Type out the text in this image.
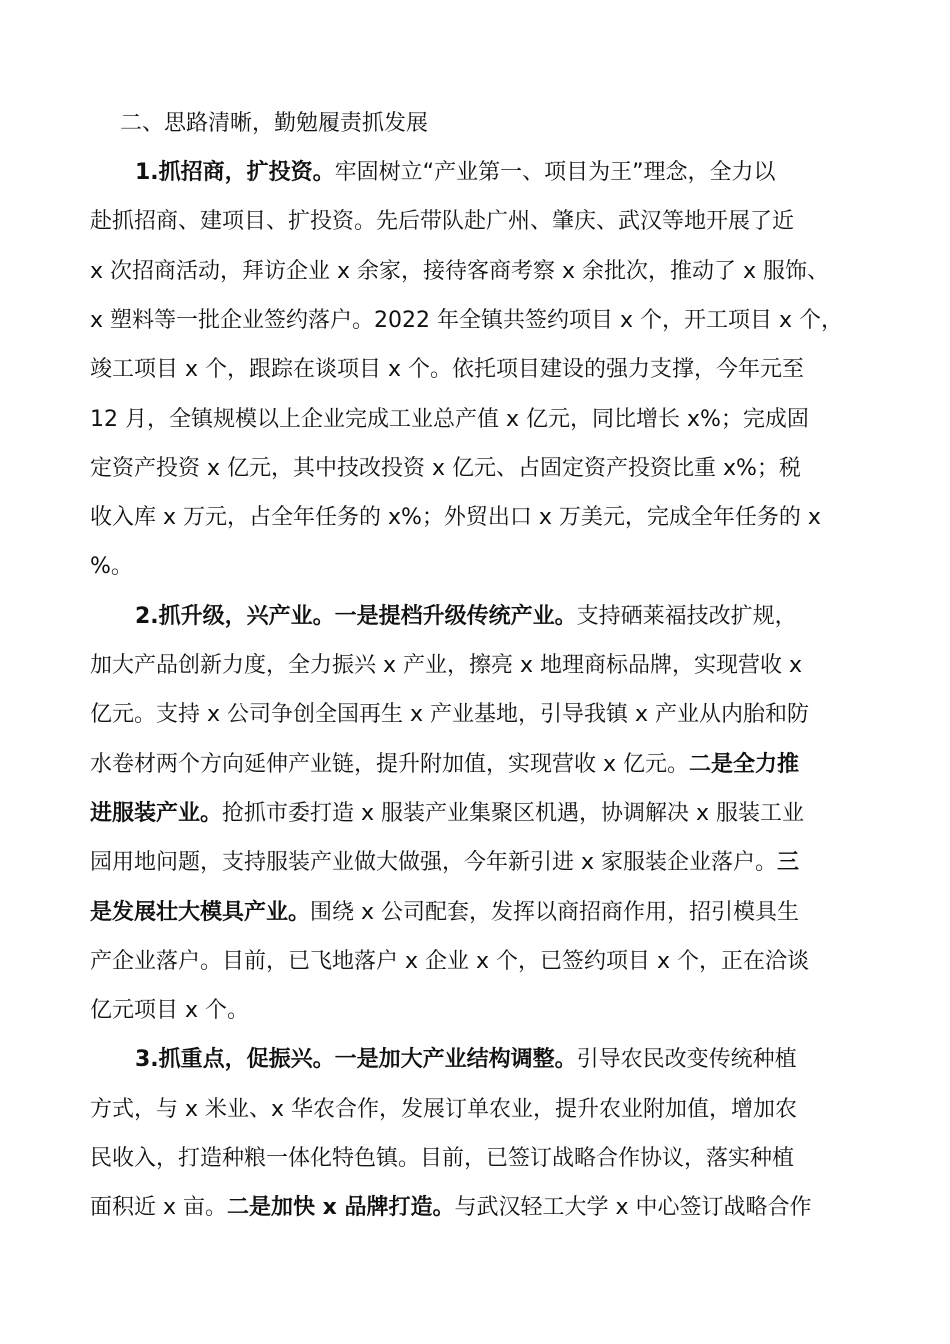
二、思路清晰，勤勉履责抓发展
1.抓招商，扩投资。牢固树立“产业第一、项目为王”理念，全力以
赴抓招商、建项目、扩投资。先后带队赴广州、肇庆、武汉等地开展了近
x 次招商活动，拜访企业 x 余家，接待客商考察 x 余批次，推动了 x 服饰、
x 塑料等一批企业签约落户。2022 年全镇共签约项目 x 个，开工项目 x 个，
竣工项目 x 个，跟踪在谈项目 x 个。依托项目建设的强力支撑，今年元至
12 月，全镇规模以上企业完成工业总产值 x 亿元，同比增长 x%；完成固
定资产投资 x 亿元，其中技改投资 x 亿元、占固定资产投资比重 x%；税
收入库 x 万元，占全年任务的 x%；外贸出口 x 万美元，完成全年任务的 x
%。
2.抓升级，兴产业。一是提档升级传统产业。支持硒莱福技改扩规，
加大产品创新力度，全力振兴 x 产业，擦亮 x 地理商标品牌，实现营收 x
亿元。支持 x 公司争创全国再生 x 产业基地，引导我镇 x 产业从内胎和防
水卷材两个方向延伸产业链，提升附加值，实现营收 x 亿元。二是全力推
进服装产业。抢抓市委打造 x 服装产业集聚区机遇，协调解决 x 服装工业
园用地问题，支持服装产业做大做强，今年新引进 x 家服装企业落户。三
是发展壮大模具产业。围绕 x 公司配套，发挥以商招商作用，招引模具生
产企业落户。目前，已飞地落户 x 企业 x 个，已签约项目 x 个，正在洽谈
亿元项目 x 个。
3.抓重点，促振兴。一是加大产业结构调整。引导农民改变传统种植
方式，与 x 米业、x 华农合作，发展订单农业，提升农业附加值，增加农
民收入，打造种粮一体化特色镇。目前，已签订战略合作协议，落实种植
面积近 x 亩。二是加快 x 品牌打造。与武汉轻工大学 x 中心签订战略合作
